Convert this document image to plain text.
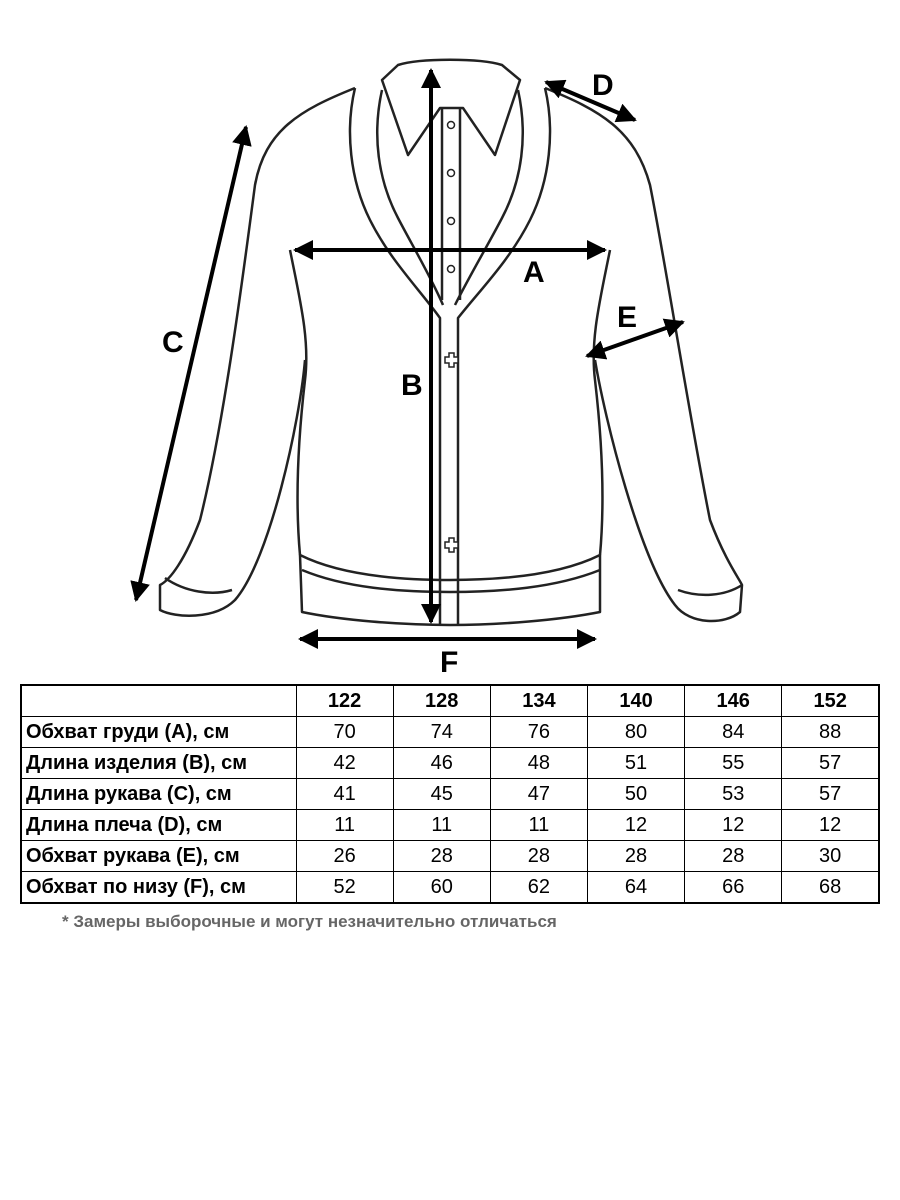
A
B
C
D
E
F
	122	128	134	140	146	152
Обхват груди (A), см	70	74	76	80	84	88
Длина изделия (B), см	42	46	48	51	55	57
Длина рукава (C), см	41	45	47	50	53	57
Длина плеча (D), см	11	11	11	12	12	12
Обхват рукава (E), см	26	28	28	28	28	30
Обхват по низу (F), см	52	60	62	64	66	68
* Замеры выборочные и могут незначительно отличаться
